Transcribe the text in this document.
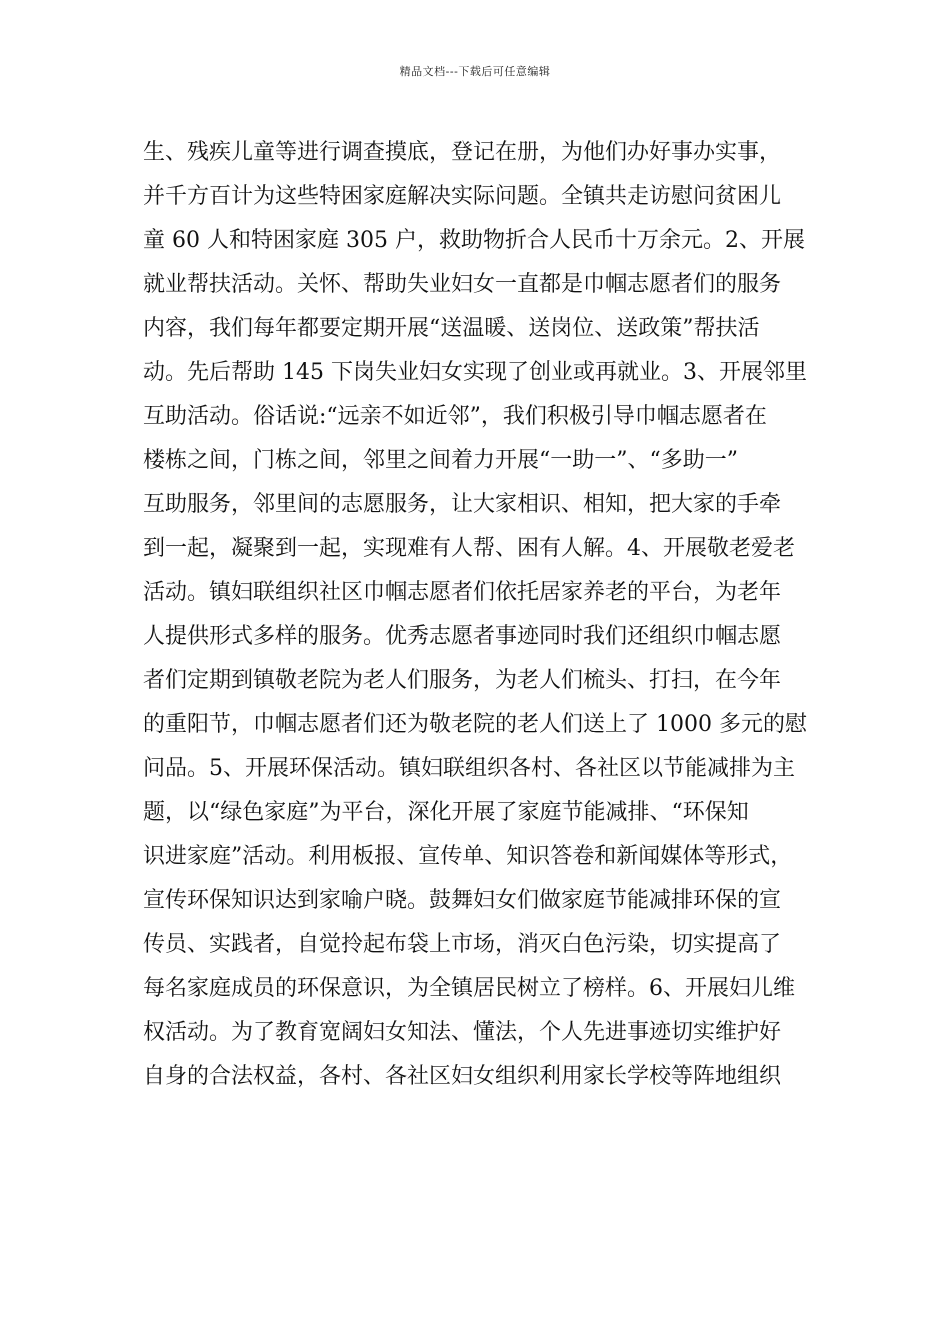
精品文档---下载后可任意编辑
生、残疾儿童等进行调查摸底，登记在册，为他们办好事办实事，
并千方百计为这些特困家庭解决实际问题。全镇共走访慰问贫困儿
童 60 人和特困家庭 305 户，救助物折合人民币十万余元。2、开展
就业帮扶活动。关怀、帮助失业妇女一直都是巾帼志愿者们的服务
内容，我们每年都要定期开展“送温暖、送岗位、送政策”帮扶活
动。先后帮助 145 下岗失业妇女实现了创业或再就业。3、开展邻里
互助活动。俗话说:“远亲不如近邻”，我们积极引导巾帼志愿者在
楼栋之间，门栋之间，邻里之间着力开展“一助一”、“多助一”
互助服务，邻里间的志愿服务，让大家相识、相知，把大家的手牵
到一起，凝聚到一起，实现难有人帮、困有人解。4、开展敬老爱老
活动。镇妇联组织社区巾帼志愿者们依托居家养老的平台，为老年
人提供形式多样的服务。优秀志愿者事迹同时我们还组织巾帼志愿
者们定期到镇敬老院为老人们服务，为老人们梳头、打扫，在今年
的重阳节，巾帼志愿者们还为敬老院的老人们送上了 1000 多元的慰
问品。5、开展环保活动。镇妇联组织各村、各社区以节能减排为主
题，以“绿色家庭”为平台，深化开展了家庭节能减排、“环保知
识进家庭”活动。利用板报、宣传单、知识答卷和新闻媒体等形式，
宣传环保知识达到家喻户晓。鼓舞妇女们做家庭节能减排环保的宣
传员、实践者，自觉拎起布袋上市场，消灭白色污染，切实提高了
每名家庭成员的环保意识，为全镇居民树立了榜样。6、开展妇儿维
权活动。为了教育宽阔妇女知法、懂法，个人先进事迹切实维护好
自身的合法权益，各村、各社区妇女组织利用家长学校等阵地组织
